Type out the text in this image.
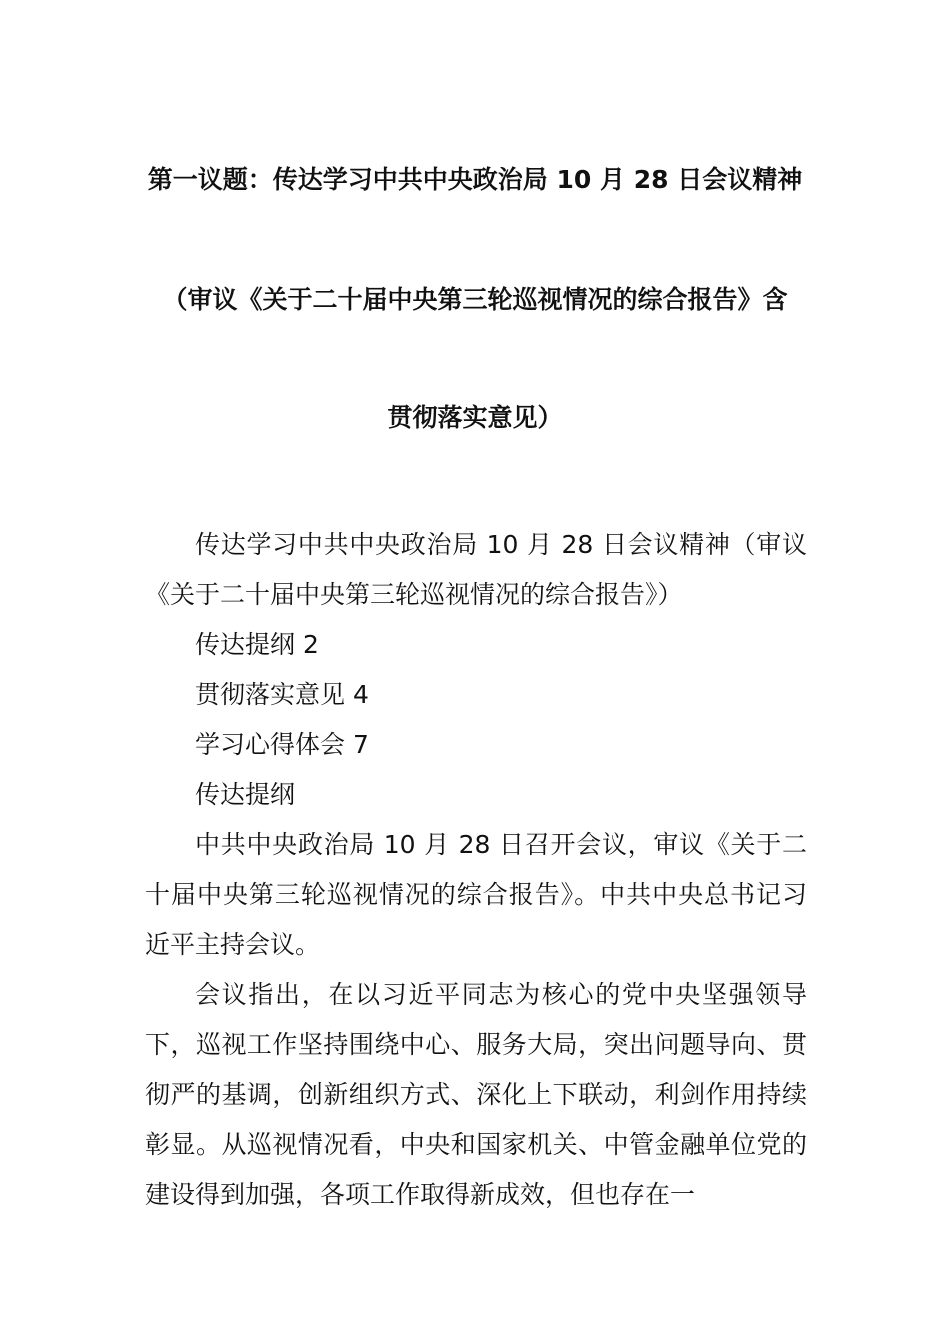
第一议题：传达学习中共中央政治局 10 月 28 日会议精神
（审议《关于二十届中央第三轮巡视情况的综合报告》含
贯彻落实意见）

传达学习中共中央政治局 10 月 28 日会议精神（审议《关于二十届中央第三轮巡视情况的综合报告》）

传达提纲 2

贯彻落实意见 4

学习心得体会 7

传达提纲

中共中央政治局 10 月 28 日召开会议，审议《关于二十届中央第三轮巡视情况的综合报告》。中共中央总书记习近平主持会议。

会议指出，在以习近平同志为核心的党中央坚强领导下，巡视工作坚持围绕中心、服务大局，突出问题导向、贯彻严的基调，创新组织方式、深化上下联动，利剑作用持续彰显。从巡视情况看，中央和国家机关、中管金融单位党的建设得到加强，各项工作取得新成效，但也存在一
